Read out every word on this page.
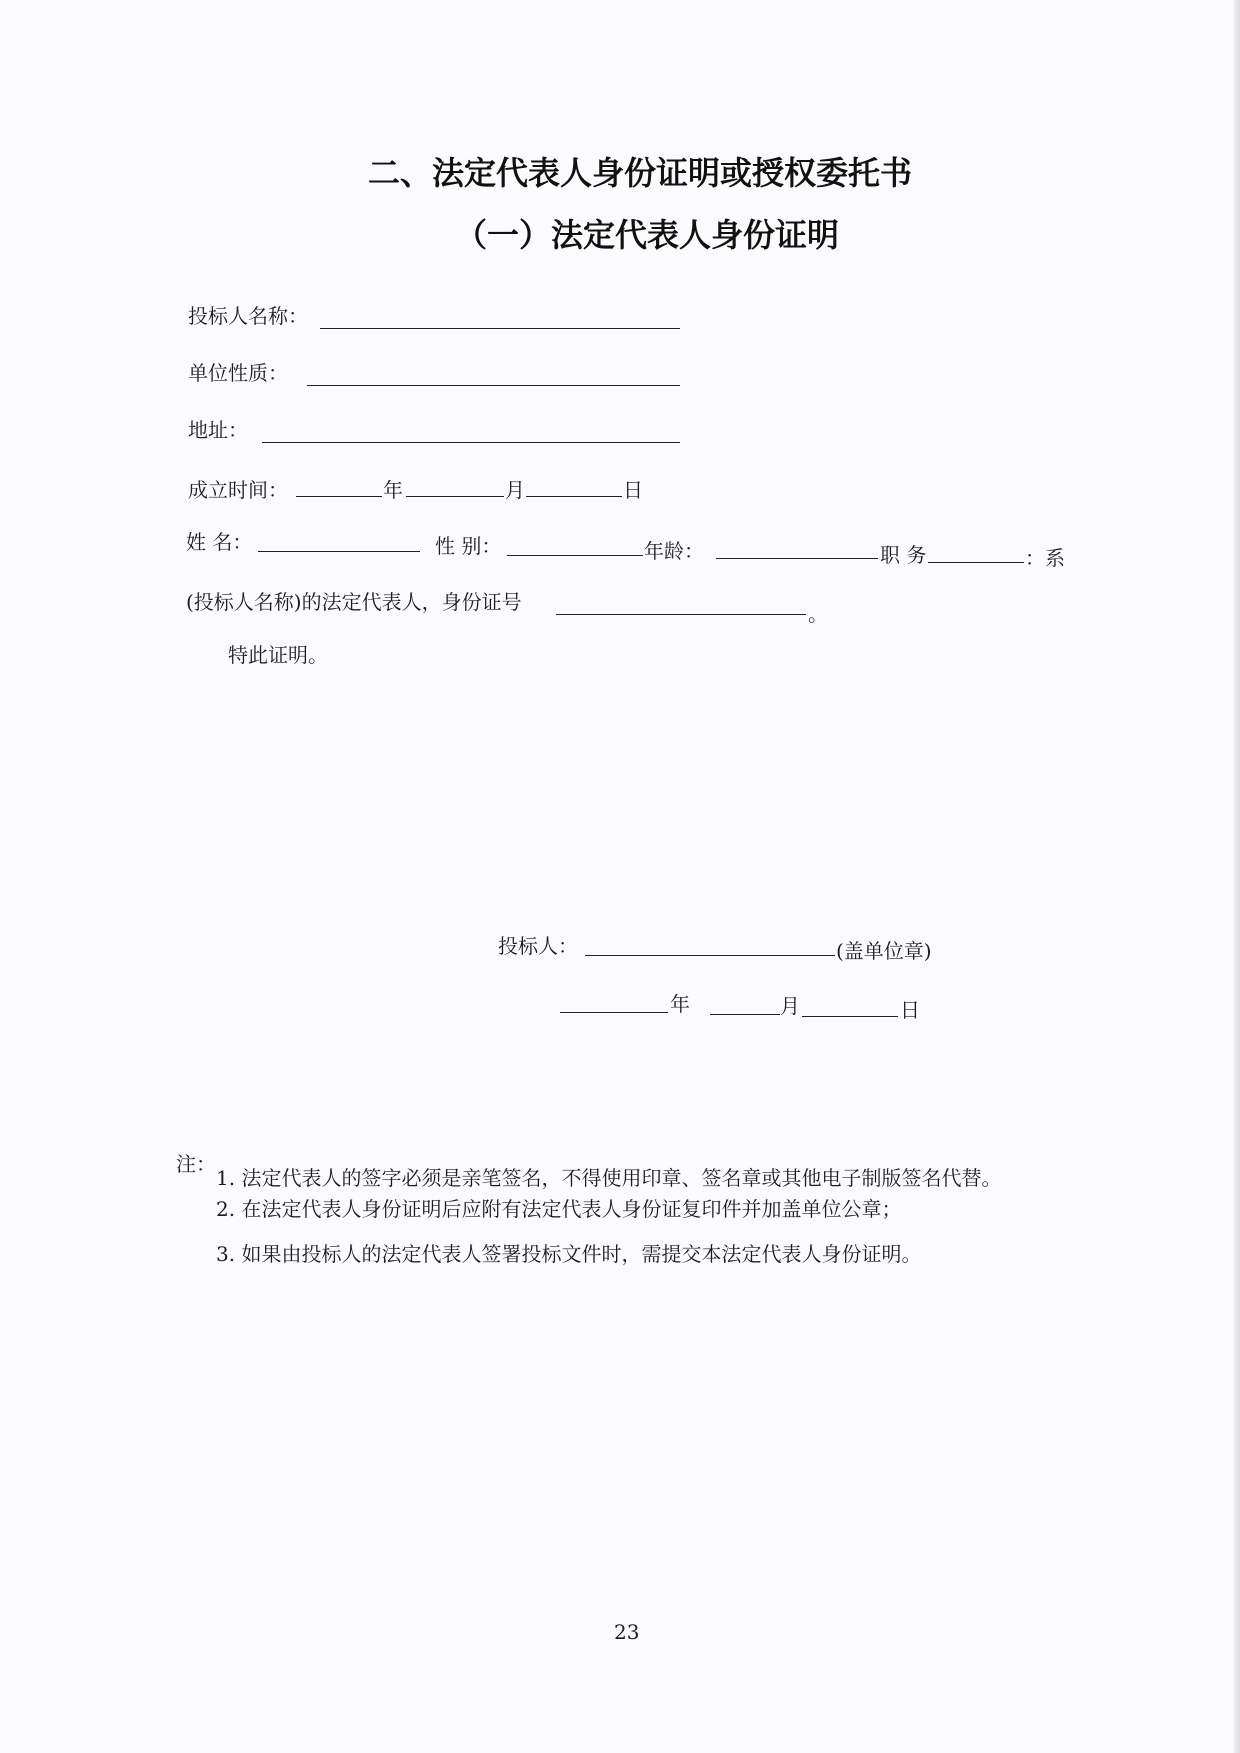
二、法定代表人身份证明或授权委托书
（一）法定代表人身份证明
投标人名称：
单位性质：
地址：
成立时间：	年	月	日
姓 名：	性 别：	年龄：	职 务	：系
(投标人名称)的法定代表人，身份证号	。
特此证明。
投标人：	(盖单位章)
年	月	日
注：
1. 法定代表人的签字必须是亲笔签名，不得使用印章、签名章或其他电子制版签名代替。
2. 在法定代表人身份证明后应附有法定代表人身份证复印件并加盖单位公章；
3. 如果由投标人的法定代表人签署投标文件时，需提交本法定代表人身份证明。
23
